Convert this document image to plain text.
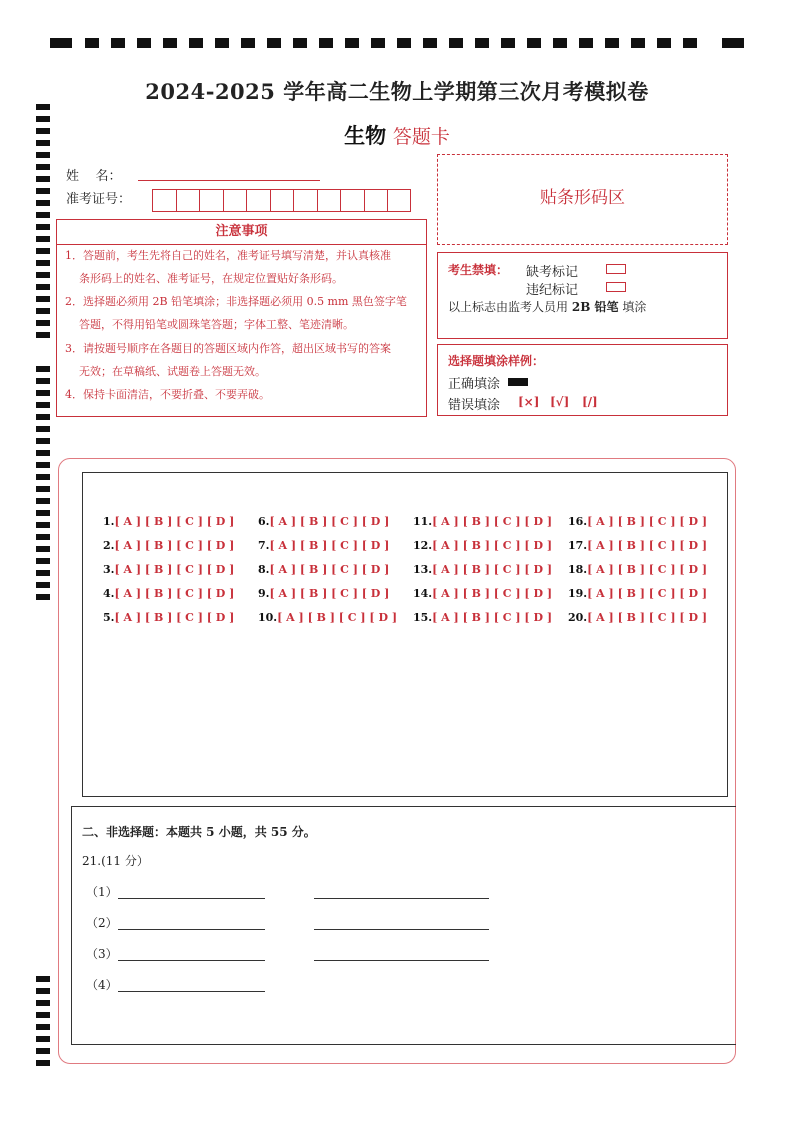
2024-2025 学年高二生物上学期第三次月考模拟卷
生物 答题卡
姓    名：
准考证号：
注意事项
1．答题前，考生先将自己的姓名，准考证号填写清楚，并认真核准
条形码上的姓名、准考证号，在规定位置贴好条形码。
2．选择题必须用 2B 铅笔填涂；非选择题必须用 0.5 mm 黑色签字笔
答题，不得用铅笔或圆珠笔答题；字体工整、笔迹清晰。
3．请按题号顺序在各题目的答题区域内作答，超出区域书写的答案
无效；在草稿纸、试题卷上答题无效。
4．保持卡面清洁，不要折叠、不要弄破。
贴条形码区
考生禁填： 缺考标记
违纪标记
以上标志由监考人员用 2B 铅笔 填涂
选择题填涂样例：
正确填涂
错误填涂 [×] [√] [/]
1.[ A ] [ B ] [ C ] [ D ]
2.[ A ] [ B ] [ C ] [ D ]
3.[ A ] [ B ] [ C ] [ D ]
4.[ A ] [ B ] [ C ] [ D ]
5.[ A ] [ B ] [ C ] [ D ]
6.[ A ] [ B ] [ C ] [ D ]
7.[ A ] [ B ] [ C ] [ D ]
8.[ A ] [ B ] [ C ] [ D ]
9.[ A ] [ B ] [ C ] [ D ]
10.[ A ] [ B ] [ C ] [ D ]
11.[ A ] [ B ] [ C ] [ D ]
12.[ A ] [ B ] [ C ] [ D ]
13.[ A ] [ B ] [ C ] [ D ]
14.[ A ] [ B ] [ C ] [ D ]
15.[ A ] [ B ] [ C ] [ D ]
16.[ A ] [ B ] [ C ] [ D ]
17.[ A ] [ B ] [ C ] [ D ]
18.[ A ] [ B ] [ C ] [ D ]
19.[ A ] [ B ] [ C ] [ D ]
20.[ A ] [ B ] [ C ] [ D ]
二、非选择题：本题共 5 小题，共 55 分。
21.(11 分）
（1）
（2）
（3）
（4）
